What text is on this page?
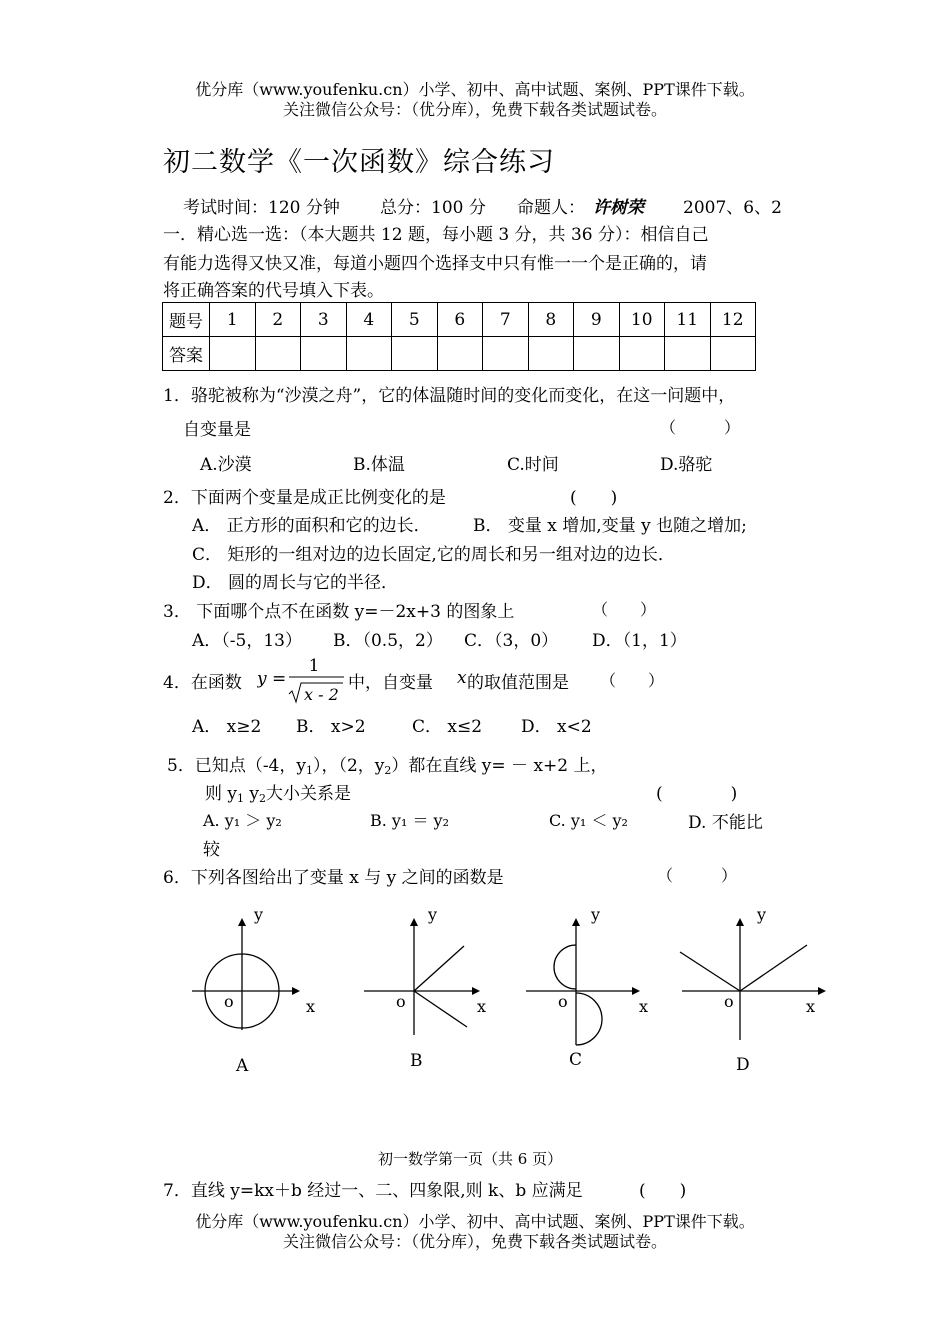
优分库（www.youfenku.cn）小学、初中、高中试题、案例、PPT课件下载。
关注微信公众号：（优分库），免费下载各类试题试卷。
初二数学《一次函数》综合练习
考试时间：120 分钟 总分：100 分 命题人： 许树荣 2007、6、2
一．精心选一选：（本大题共 12 题，每小题 3 分，共 36 分）：相信自己
有能力选得又快又准，每道小题四个选择支中只有惟一一个是正确的，请
将正确答案的代号填入下表。
题号	1	2	3	4	5	6	7	8	9	10	11	12
答案												
1．骆驼被称为“沙漠之舟”，它的体温随时间的变化而变化，在这一问题中，
自变量是	（　　　）
A.沙漠	B.体温	C.时间	D.骆驼
2．下面两个变量是成正比例变化的是	(　　)
A． 正方形的面积和它的边长． B． 变量 x 增加,变量 y 也随之增加;
C． 矩形的一组对边的边长固定,它的周长和另一组对边的边长．
D． 圆的周长与它的半径．
3． 下面哪个点不在函数 y=－2x+3 的图象上	（　　）
A．（-5，13） B．（0.5，2） C．（3，0） D．（1，1）
4．在函数 y =
1
x - 2
中，自变量 x 的取值范围是 （　　）
A． x≥2 B． x>2	C． x≤2 D． x<2
5．已知点（-4，$y_1$），（2，$y_2$）都在直线 y= － x+2 上，
则 $y_1$ $y_2$大小关系是	(　　　　)
A. y₁ ＞ y₂	B. y₁ ＝ y₂	C. y₁ ＜ y₂	D. 不能比
较
6．下列各图给出了变量 x 与 y 之间的函数是	（　　　）
y
x
o
A
y
x
o
B
y
x
o
C
y
x
o
D
初一数学第一页（共 6 页）
7．直线 y=kx＋b 经过一、二、四象限,则 k、b 应满足	(　　)
优分库（www.youfenku.cn）小学、初中、高中试题、案例、PPT课件下载。
关注微信公众号：（优分库），免费下载各类试题试卷。
